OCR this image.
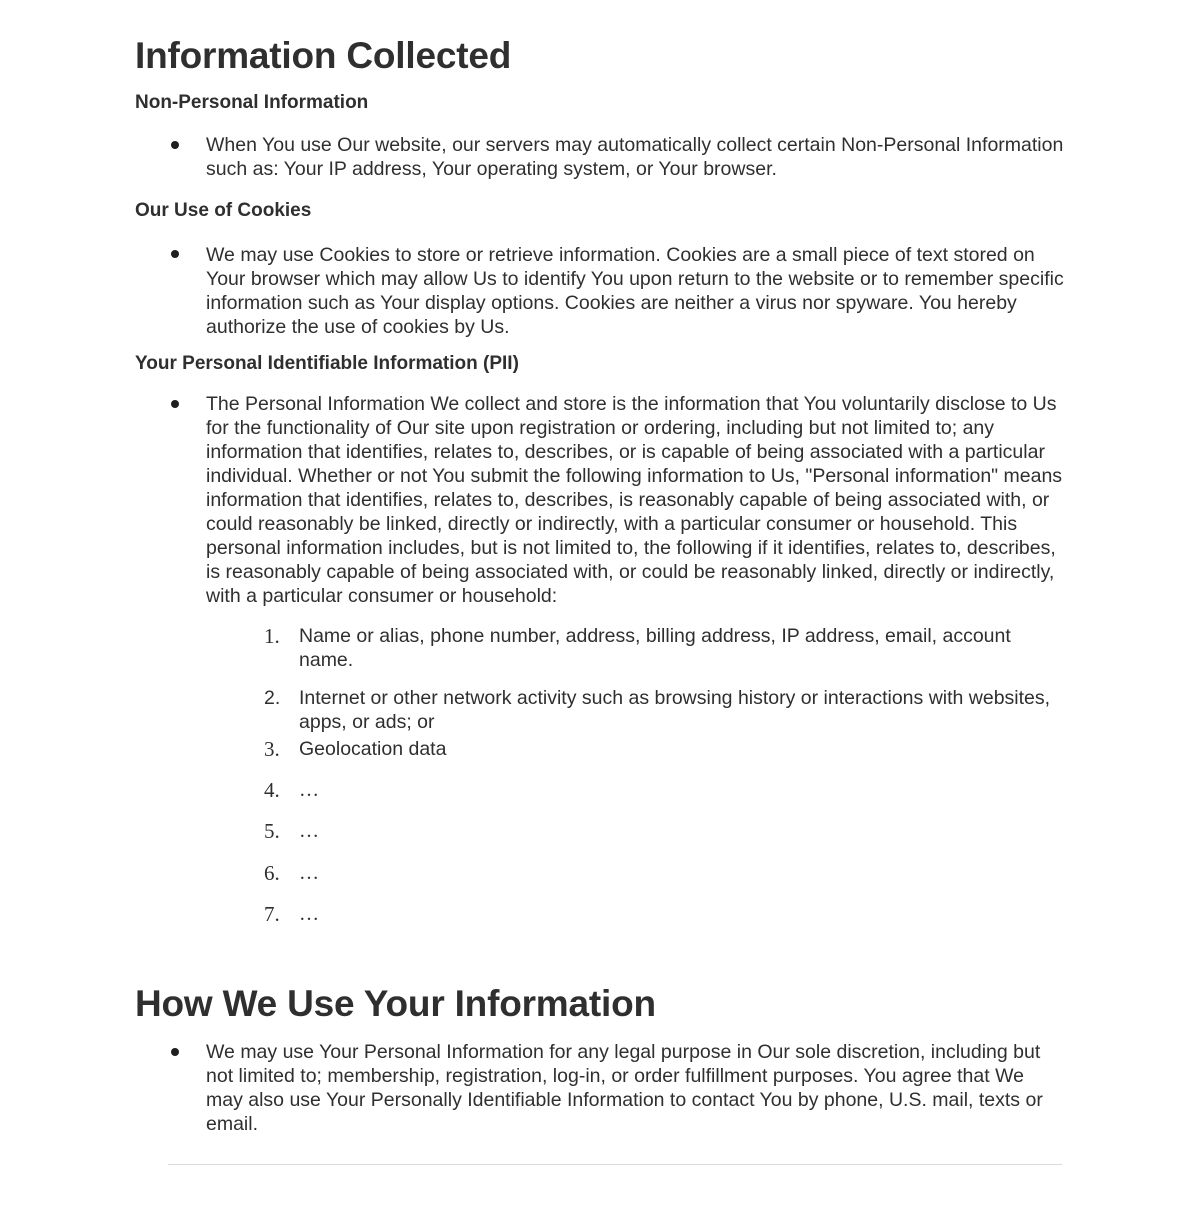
Information Collected
Non-Personal Information
When You use Our website, our servers may automatically collect certain Non-Personal Information such as: Your IP address, Your operating system, or Your browser.
Our Use of Cookies
We may use Cookies to store or retrieve information. Cookies are a small piece of text stored on Your browser which may allow Us to identify You upon return to the website or to remember specific information such as Your display options. Cookies are neither a virus nor spyware. You hereby authorize the use of cookies by Us.
Your Personal Identifiable Information (PII)
The Personal Information We collect and store is the information that You voluntarily disclose to Us for the functionality of Our site upon registration or ordering, including but not limited to; any information that identifies, relates to, describes, or is capable of being associated with a particular individual. Whether or not You submit the following information to Us, "Personal information" means information that identifies, relates to, describes, is reasonably capable of being associated with, or could reasonably be linked, directly or indirectly, with a particular consumer or household. This personal information includes, but is not limited to, the following if it identifies, relates to, describes, is reasonably capable of being associated with, or could be reasonably linked, directly or indirectly, with a particular consumer or household:
1. Name or alias, phone number, address, billing address, IP address, email, account name.
2. Internet or other network activity such as browsing history or interactions with websites, apps, or ads; or
3. Geolocation data
4. …
5. …
6. …
7. …
How We Use Your Information
We may use Your Personal Information for any legal purpose in Our sole discretion, including but not limited to; membership, registration, log-in, or order fulfillment purposes. You agree that We may also use Your Personally Identifiable Information to contact You by phone, U.S. mail, texts or email.
